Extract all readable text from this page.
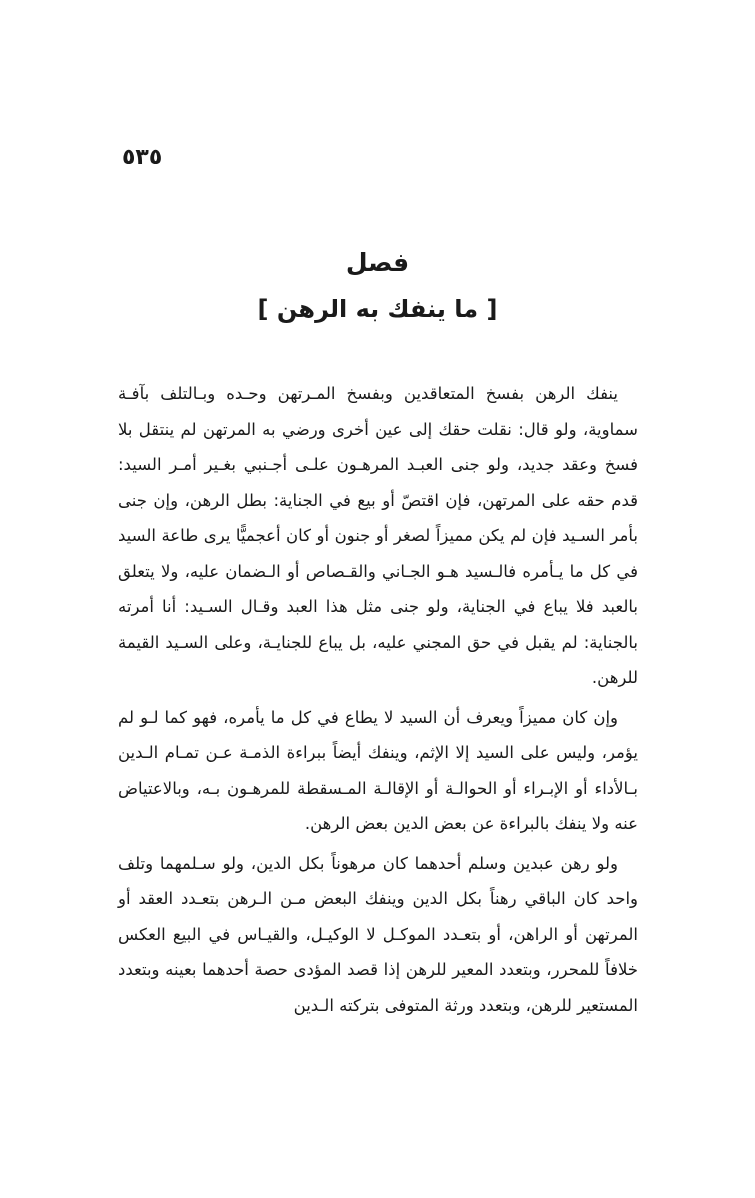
٥٣٥
فصل
[ ما ينفك به الرهن ]

ينفك الرهن بفسخ المتعاقدين وبفسخ المـرتهن وحـده وبـالتلف بآفـة سماوية، ولو قال: نقلت حقك إلى عين أخرى ورضي به المرتهن لم ينتقل بلا فسخ وعقد جديد، ولو جنى العبـد المرهـون علـى أجـنبي بغـير أمـر السيد: قدم حقه على المرتهن، فإن اقتصّ أو بيع في الجناية: بطل الرهن، وإن جنى بأمر السـيد فإن لم يكن مميزاً لصغر أو جنون أو كان أعجميًّا يرى طاعة السيد في كل ما يـأمره فالـسيد هـو الجـاني والقـصاص أو الـضمان عليه، ولا يتعلق بالعبد فلا يباع في الجناية، ولو جنى مثل هذا العبد وقـال السـيد: أنا أمرته بالجناية: لم يقبل في حق المجني عليه، بل يباع للجنايـة، وعلى السـيد القيمة للرهن.

وإن كان مميزاً ويعرف أن السيد لا يطاع في كل ما يأمره، فهو كما لـو لم يؤمر، وليس على السيد إلا الإثم، وينفك أيضاً ببراءة الذمـة عـن تمـام الـدين بـالأداء أو الإبـراء أو الحوالـة أو الإقالـة المـسقطة للمرهـون بـه، وبالاعتياض عنه ولا ينفك بالبراءة عن بعض الدين بعض الرهن.

ولو رهن عبدين وسلم أحدهما كان مرهوناً بكل الدين، ولو سـلمهما وتلف واحد كان الباقي رهناً بكل الدين وينفك البعض مـن الـرهن بتعـدد العقد أو المرتهن أو الراهن، أو بتعـدد الموكـل لا الوكيـل، والقيـاس في البيع العكس خلافاً للمحرر، وبتعدد المعير للرهن إذا قصد المؤدى حصة أحدهما بعينه وبتعدد المستعير للرهن، وبتعدد ورثة المتوفى بتركته الـدين
